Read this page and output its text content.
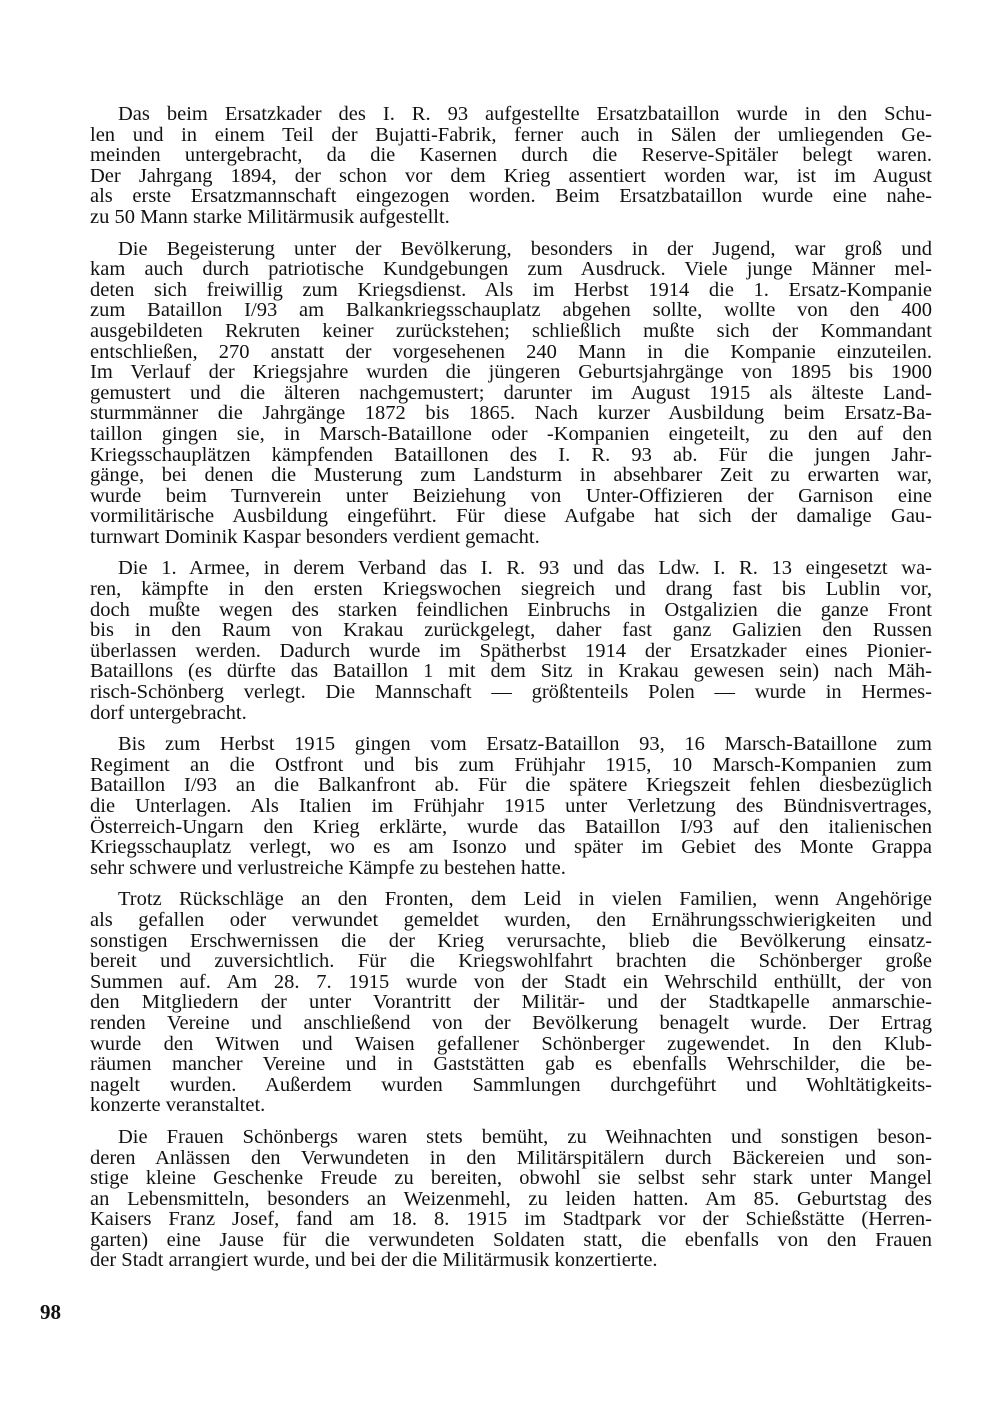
Das beim Ersatzkader des I. R. 93 aufgestellte Ersatzbataillon wurde in den Schu-
len und in einem Teil der Bujatti-Fabrik, ferner auch in Sälen der umliegenden Ge-
meinden untergebracht, da die Kasernen durch die Reserve-Spitäler belegt waren.
Der Jahrgang 1894, der schon vor dem Krieg assentiert worden war, ist im August
als erste Ersatzmannschaft eingezogen worden. Beim Ersatzbataillon wurde eine nahe-
zu 50 Mann starke Militärmusik aufgestellt.
Die Begeisterung unter der Bevölkerung, besonders in der Jugend, war groß und
kam auch durch patriotische Kundgebungen zum Ausdruck. Viele junge Männer mel-
deten sich freiwillig zum Kriegsdienst. Als im Herbst 1914 die 1. Ersatz-Kompanie
zum Bataillon I/93 am Balkankriegsschauplatz abgehen sollte, wollte von den 400
ausgebildeten Rekruten keiner zurückstehen; schließlich mußte sich der Kommandant
entschließen, 270 anstatt der vorgesehenen 240 Mann in die Kompanie einzuteilen.
Im Verlauf der Kriegsjahre wurden die jüngeren Geburtsjahrgänge von 1895 bis 1900
gemustert und die älteren nachgemustert; darunter im August 1915 als älteste Land-
sturmmänner die Jahrgänge 1872 bis 1865. Nach kurzer Ausbildung beim Ersatz-Ba-
taillon gingen sie, in Marsch-Bataillone oder -Kompanien eingeteilt, zu den auf den
Kriegsschauplätzen kämpfenden Bataillonen des I. R. 93 ab. Für die jungen Jahr-
gänge, bei denen die Musterung zum Landsturm in absehbarer Zeit zu erwarten war,
wurde beim Turnverein unter Beiziehung von Unter-Offizieren der Garnison eine
vormilitärische Ausbildung eingeführt. Für diese Aufgabe hat sich der damalige Gau-
turnwart Dominik Kaspar besonders verdient gemacht.
Die 1. Armee, in derem Verband das I. R. 93 und das Ldw. I. R. 13 eingesetzt wa-
ren, kämpfte in den ersten Kriegswochen siegreich und drang fast bis Lublin vor,
doch mußte wegen des starken feindlichen Einbruchs in Ostgalizien die ganze Front
bis in den Raum von Krakau zurückgelegt, daher fast ganz Galizien den Russen
überlassen werden. Dadurch wurde im Spätherbst 1914 der Ersatzkader eines Pionier-
Bataillons (es dürfte das Bataillon 1 mit dem Sitz in Krakau gewesen sein) nach Mäh-
risch-Schönberg verlegt. Die Mannschaft — größtenteils Polen — wurde in Hermes-
dorf untergebracht.
Bis zum Herbst 1915 gingen vom Ersatz-Bataillon 93, 16 Marsch-Bataillone zum
Regiment an die Ostfront und bis zum Frühjahr 1915, 10 Marsch-Kompanien zum
Bataillon I/93 an die Balkanfront ab. Für die spätere Kriegszeit fehlen diesbezüglich
die Unterlagen. Als Italien im Frühjahr 1915 unter Verletzung des Bündnisvertrages,
Österreich-Ungarn den Krieg erklärte, wurde das Bataillon I/93 auf den italienischen
Kriegsschauplatz verlegt, wo es am Isonzo und später im Gebiet des Monte Grappa
sehr schwere und verlustreiche Kämpfe zu bestehen hatte.
Trotz Rückschläge an den Fronten, dem Leid in vielen Familien, wenn Angehörige
als gefallen oder verwundet gemeldet wurden, den Ernährungsschwierigkeiten und
sonstigen Erschwernissen die der Krieg verursachte, blieb die Bevölkerung einsatz-
bereit und zuversichtlich. Für die Kriegswohlfahrt brachten die Schönberger große
Summen auf. Am 28. 7. 1915 wurde von der Stadt ein Wehrschild enthüllt, der von
den Mitgliedern der unter Vorantritt der Militär- und der Stadtkapelle anmarschie-
renden Vereine und anschließend von der Bevölkerung benagelt wurde. Der Ertrag
wurde den Witwen und Waisen gefallener Schönberger zugewendet. In den Klub-
räumen mancher Vereine und in Gaststätten gab es ebenfalls Wehrschilder, die be-
nagelt wurden. Außerdem wurden Sammlungen durchgeführt und Wohltätigkeits-
konzerte veranstaltet.
Die Frauen Schönbergs waren stets bemüht, zu Weihnachten und sonstigen beson-
deren Anlässen den Verwundeten in den Militärspitälern durch Bäckereien und son-
stige kleine Geschenke Freude zu bereiten, obwohl sie selbst sehr stark unter Mangel
an Lebensmitteln, besonders an Weizenmehl, zu leiden hatten. Am 85. Geburtstag des
Kaisers Franz Josef, fand am 18. 8. 1915 im Stadtpark vor der Schießstätte (Herren-
garten) eine Jause für die verwundeten Soldaten statt, die ebenfalls von den Frauen
der Stadt arrangiert wurde, und bei der die Militärmusik konzertierte.
98
